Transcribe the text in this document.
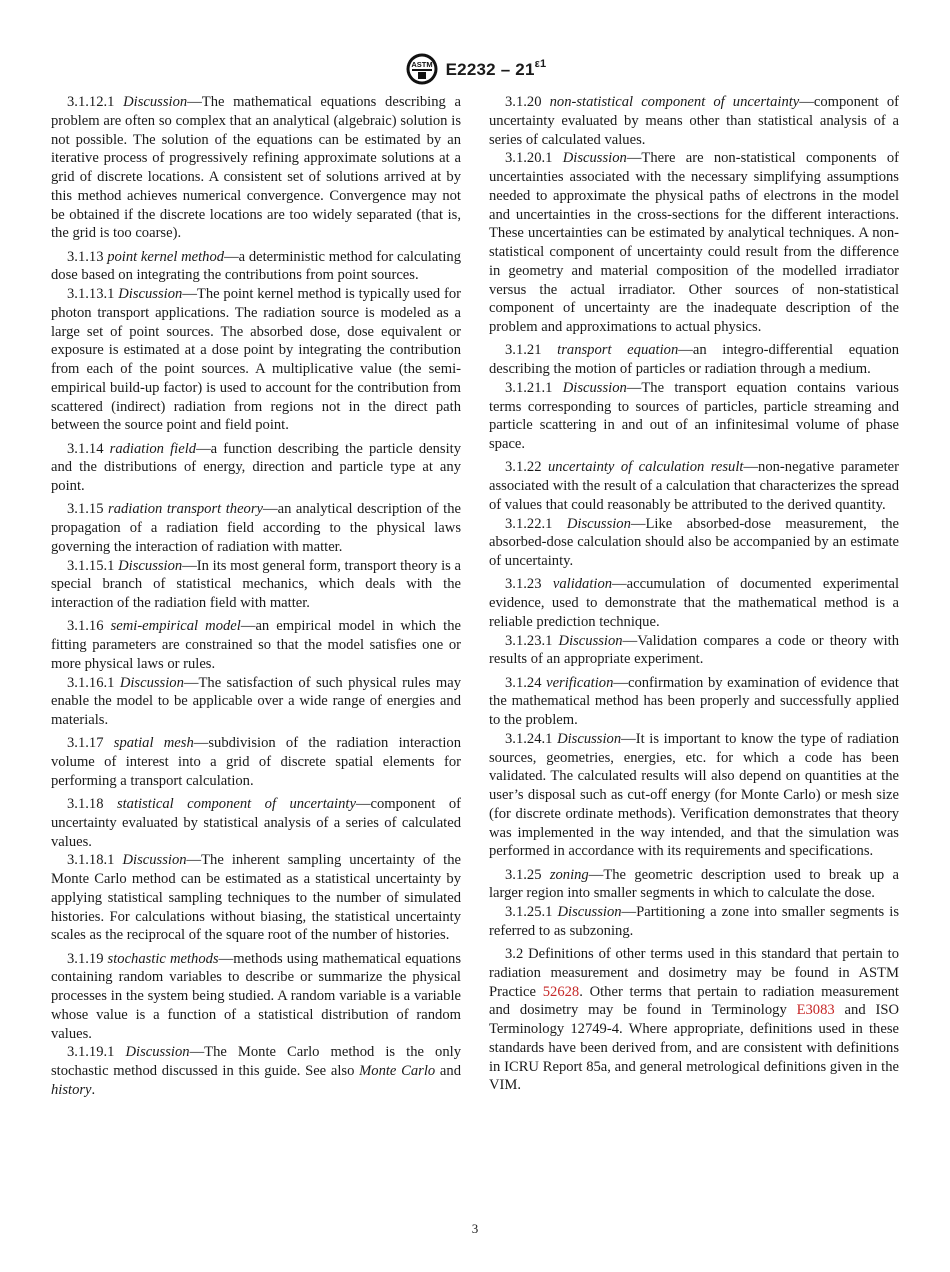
ASTM $E2232 - 21^{\varepsilon 1}$

3.1.12.1 Discussion—The mathematical equations describing a problem are often so complex that an analytical (algebraic) solution is not possible. The solution of the equations can be estimated by an iterative process of progressively refining approximate solutions at a grid of discrete locations. A consistent set of solutions arrived at by this method achieves numerical convergence. Convergence may not be obtained if the discrete locations are too widely separated (that is, the grid is too coarse).

3.1.13 point kernel method—a deterministic method for calculating dose based on integrating the contributions from point sources.

3.1.13.1 Discussion—The point kernel method is typically used for photon transport applications. The radiation source is modeled as a large set of point sources. The absorbed dose, dose equivalent or exposure is estimated at a dose point by integrating the contribution from each of the point sources. A multiplicative value (the semi-empirical build-up factor) is used to account for the contribution from scattered (indirect) radiation from regions not in the direct path between the source point and field point.

3.1.14 radiation field—a function describing the particle density and the distributions of energy, direction and particle type at any point.

3.1.15 radiation transport theory—an analytical description of the propagation of a radiation field according to the physical laws governing the interaction of radiation with matter.

3.1.15.1 Discussion—In its most general form, transport theory is a special branch of statistical mechanics, which deals with the interaction of the radiation field with matter.

3.1.16 semi-empirical model—an empirical model in which the fitting parameters are constrained so that the model satisfies one or more physical laws or rules.

3.1.16.1 Discussion—The satisfaction of such physical rules may enable the model to be applicable over a wide range of energies and materials.

3.1.17 spatial mesh—subdivision of the radiation interaction volume of interest into a grid of discrete spatial elements for performing a transport calculation.

3.1.18 statistical component of uncertainty—component of uncertainty evaluated by statistical analysis of a series of calculated values.

3.1.18.1 Discussion—The inherent sampling uncertainty of the Monte Carlo method can be estimated as a statistical uncertainty by applying statistical sampling techniques to the number of simulated histories. For calculations without biasing, the statistical uncertainty scales as the reciprocal of the square root of the number of histories.

3.1.19 stochastic methods—methods using mathematical equations containing random variables to describe or summarize the physical processes in the system being studied. A random variable is a variable whose value is a function of a statistical distribution of random values.

3.1.19.1 Discussion—The Monte Carlo method is the only stochastic method discussed in this guide. See also Monte Carlo and history.

3.1.20 non-statistical component of uncertainty—component of uncertainty evaluated by means other than statistical analysis of a series of calculated values.

3.1.20.1 Discussion—There are non-statistical components of uncertainties associated with the necessary simplifying assumptions needed to approximate the physical paths of electrons in the model and uncertainties in the cross-sections for the different interactions. These uncertainties can be estimated by analytical techniques. A non-statistical component of uncertainty could result from the difference in geometry and material composition of the modelled irradiator versus the actual irradiator. Other sources of non-statistical component of uncertainty are the inadequate description of the problem and approximations to actual physics.

3.1.21 transport equation—an integro-differential equation describing the motion of particles or radiation through a medium.

3.1.21.1 Discussion—The transport equation contains various terms corresponding to sources of particles, particle streaming and particle scattering in and out of an infinitesimal volume of phase space.

3.1.22 uncertainty of calculation result—non-negative parameter associated with the result of a calculation that characterizes the spread of values that could reasonably be attributed to the derived quantity.

3.1.22.1 Discussion—Like absorbed-dose measurement, the absorbed-dose calculation should also be accompanied by an estimate of uncertainty.

3.1.23 validation—accumulation of documented experimental evidence, used to demonstrate that the mathematical method is a reliable prediction technique.

3.1.23.1 Discussion—Validation compares a code or theory with results of an appropriate experiment.

3.1.24 verification—confirmation by examination of evidence that the mathematical method has been properly and successfully applied to the problem.

3.1.24.1 Discussion—It is important to know the type of radiation sources, geometries, energies, etc. for which a code has been validated. The calculated results will also depend on quantities at the user’s disposal such as cut-off energy (for Monte Carlo) or mesh size (for discrete ordinate methods). Verification demonstrates that theory was implemented in the way intended, and that the simulation was performed in accordance with its requirements and specifications.

3.1.25 zoning—The geometric description used to break up a larger region into smaller segments in which to calculate the dose.

3.1.25.1 Discussion—Partitioning a zone into smaller segments is referred to as subzoning.

3.2 Definitions of other terms used in this standard that pertain to radiation measurement and dosimetry may be found in ASTM Practice 52628. Other terms that pertain to radiation measurement and dosimetry may be found in Terminology E3083 and ISO Terminology 12749-4. Where appropriate, definitions used in these standards have been derived from, and are consistent with definitions in ICRU Report 85a, and general metrological definitions given in the VIM.

3
